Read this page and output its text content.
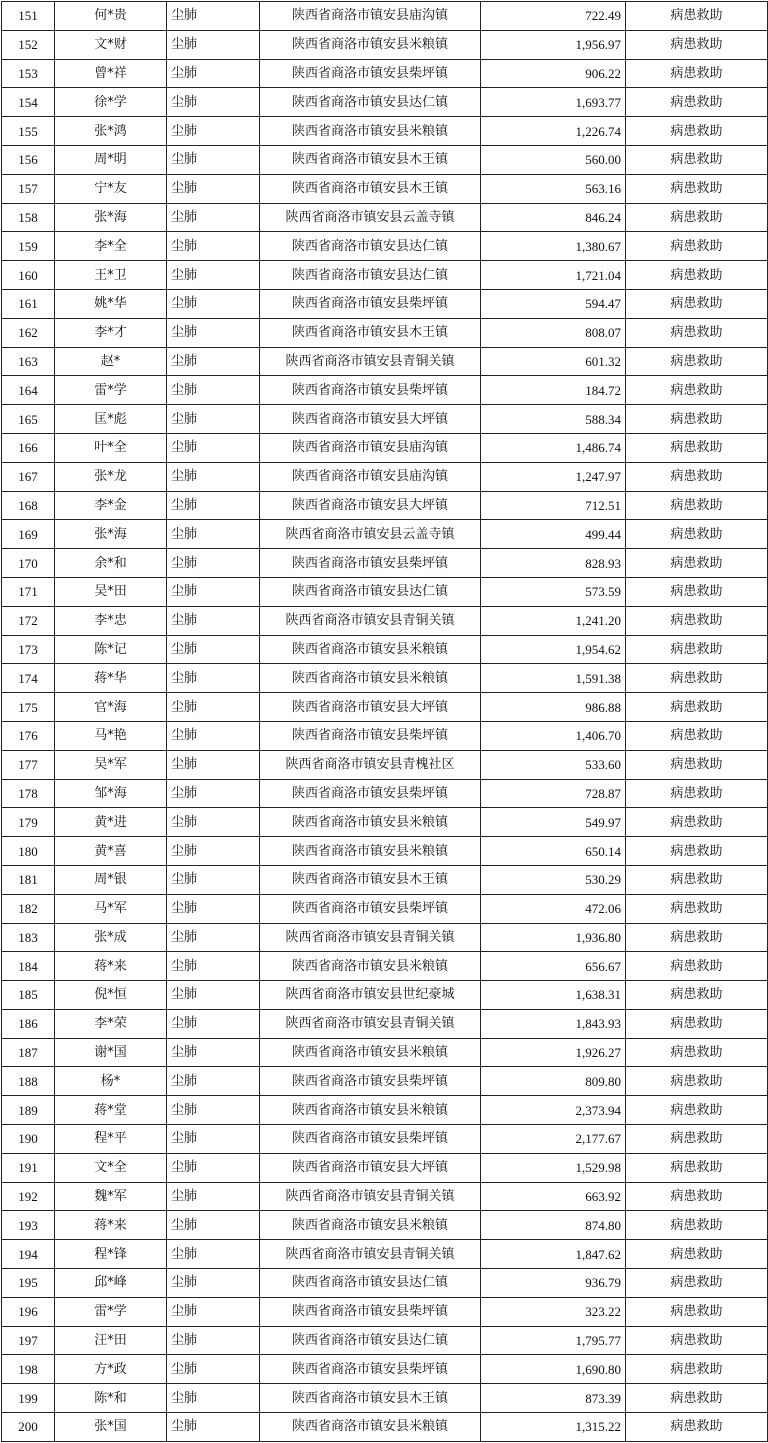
151	何*贵	尘肺	陕西省商洛市镇安县庙沟镇	722.49	病患救助
152	文*财	尘肺	陕西省商洛市镇安县米粮镇	1,956.97	病患救助
153	曾*祥	尘肺	陕西省商洛市镇安县柴坪镇	906.22	病患救助
154	徐*学	尘肺	陕西省商洛市镇安县达仁镇	1,693.77	病患救助
155	张*鸿	尘肺	陕西省商洛市镇安县米粮镇	1,226.74	病患救助
156	周*明	尘肺	陕西省商洛市镇安县木王镇	560.00	病患救助
157	宁*友	尘肺	陕西省商洛市镇安县木王镇	563.16	病患救助
158	张*海	尘肺	陕西省商洛市镇安县云盖寺镇	846.24	病患救助
159	李*全	尘肺	陕西省商洛市镇安县达仁镇	1,380.67	病患救助
160	王*卫	尘肺	陕西省商洛市镇安县达仁镇	1,721.04	病患救助
161	姚*华	尘肺	陕西省商洛市镇安县柴坪镇	594.47	病患救助
162	李*才	尘肺	陕西省商洛市镇安县木王镇	808.07	病患救助
163	赵*	尘肺	陕西省商洛市镇安县青铜关镇	601.32	病患救助
164	雷*学	尘肺	陕西省商洛市镇安县柴坪镇	184.72	病患救助
165	匡*彪	尘肺	陕西省商洛市镇安县大坪镇	588.34	病患救助
166	叶*全	尘肺	陕西省商洛市镇安县庙沟镇	1,486.74	病患救助
167	张*龙	尘肺	陕西省商洛市镇安县庙沟镇	1,247.97	病患救助
168	李*金	尘肺	陕西省商洛市镇安县大坪镇	712.51	病患救助
169	张*海	尘肺	陕西省商洛市镇安县云盖寺镇	499.44	病患救助
170	余*和	尘肺	陕西省商洛市镇安县柴坪镇	828.93	病患救助
171	吴*田	尘肺	陕西省商洛市镇安县达仁镇	573.59	病患救助
172	李*忠	尘肺	陕西省商洛市镇安县青铜关镇	1,241.20	病患救助
173	陈*记	尘肺	陕西省商洛市镇安县米粮镇	1,954.62	病患救助
174	蒋*华	尘肺	陕西省商洛市镇安县米粮镇	1,591.38	病患救助
175	官*海	尘肺	陕西省商洛市镇安县大坪镇	986.88	病患救助
176	马*艳	尘肺	陕西省商洛市镇安县柴坪镇	1,406.70	病患救助
177	吴*军	尘肺	陕西省商洛市镇安县青槐社区	533.60	病患救助
178	邹*海	尘肺	陕西省商洛市镇安县柴坪镇	728.87	病患救助
179	黄*进	尘肺	陕西省商洛市镇安县米粮镇	549.97	病患救助
180	黄*喜	尘肺	陕西省商洛市镇安县米粮镇	650.14	病患救助
181	周*银	尘肺	陕西省商洛市镇安县木王镇	530.29	病患救助
182	马*军	尘肺	陕西省商洛市镇安县柴坪镇	472.06	病患救助
183	张*成	尘肺	陕西省商洛市镇安县青铜关镇	1,936.80	病患救助
184	蒋*来	尘肺	陕西省商洛市镇安县米粮镇	656.67	病患救助
185	倪*恒	尘肺	陕西省商洛市镇安县世纪豪城	1,638.31	病患救助
186	李*荣	尘肺	陕西省商洛市镇安县青铜关镇	1,843.93	病患救助
187	谢*国	尘肺	陕西省商洛市镇安县米粮镇	1,926.27	病患救助
188	杨*	尘肺	陕西省商洛市镇安县柴坪镇	809.80	病患救助
189	蒋*堂	尘肺	陕西省商洛市镇安县米粮镇	2,373.94	病患救助
190	程*平	尘肺	陕西省商洛市镇安县柴坪镇	2,177.67	病患救助
191	文*全	尘肺	陕西省商洛市镇安县大坪镇	1,529.98	病患救助
192	魏*军	尘肺	陕西省商洛市镇安县青铜关镇	663.92	病患救助
193	蒋*来	尘肺	陕西省商洛市镇安县米粮镇	874.80	病患救助
194	程*锋	尘肺	陕西省商洛市镇安县青铜关镇	1,847.62	病患救助
195	邱*峰	尘肺	陕西省商洛市镇安县达仁镇	936.79	病患救助
196	雷*学	尘肺	陕西省商洛市镇安县柴坪镇	323.22	病患救助
197	汪*田	尘肺	陕西省商洛市镇安县达仁镇	1,795.77	病患救助
198	方*政	尘肺	陕西省商洛市镇安县柴坪镇	1,690.80	病患救助
199	陈*和	尘肺	陕西省商洛市镇安县木王镇	873.39	病患救助
200	张*国	尘肺	陕西省商洛市镇安县米粮镇	1,315.22	病患救助
